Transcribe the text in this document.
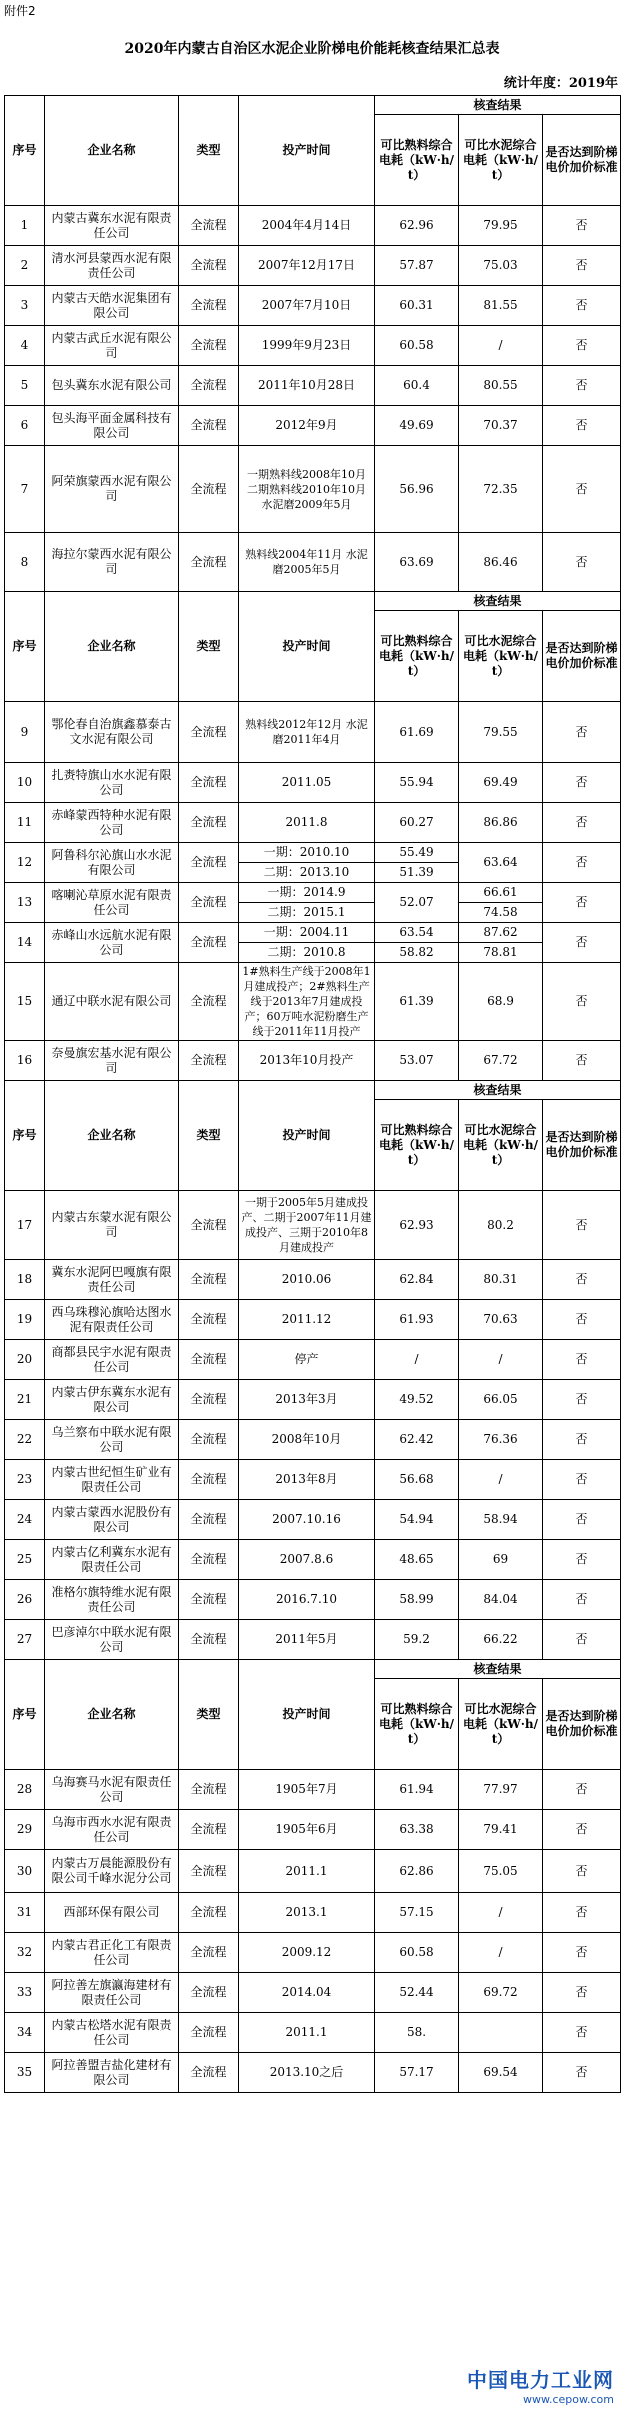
附件2
2020年内蒙古自治区水泥企业阶梯电价能耗核查结果汇总表
统计年度：2019年
序号	企业名称	类型	投产时间	核查结果		
				可比熟料综合电耗（kW·h/t）	可比水泥综合电耗（kW·h/t）	是否达到阶梯电价加价标准
1	内蒙古冀东水泥有限责任公司	全流程	2004年4月14日	62.96	79.95	否
2	清水河县蒙西水泥有限责任公司	全流程	2007年12月17日	57.87	75.03	否
3	内蒙古天皓水泥集团有限公司	全流程	2007年7月10日	60.31	81.55	否
4	内蒙古武丘水泥有限公司	全流程	1999年9月23日	60.58	/	否
5	包头冀东水泥有限公司	全流程	2011年10月28日	60.4	80.55	否
6	包头海平面金属科技有限公司	全流程	2012年9月	49.69	70.37	否
7	阿荣旗蒙西水泥有限公司	全流程	一期熟料线2008年10月 二期熟料线2010年10月 水泥磨2009年5月	56.96	72.35	否
8	海拉尔蒙西水泥有限公司	全流程	熟料线2004年11月 水泥磨2005年5月	63.69	86.46	否
序号	企业名称	类型	投产时间	核查结果		
				可比熟料综合电耗（kW·h/t）	可比水泥综合电耗（kW·h/t）	是否达到阶梯电价加价标准
9	鄂伦春自治旗鑫慕泰古文水泥有限公司	全流程	熟料线2012年12月 水泥磨2011年4月	61.69	79.55	否
10	扎赉特旗山水水泥有限公司	全流程	2011.05	55.94	69.49	否
11	赤峰蒙西特种水泥有限公司	全流程	2011.8	60.27	86.86	否
12	阿鲁科尔沁旗山水水泥有限公司	全流程	一期：2010.10	55.49	63.64	否
			二期：2013.10	51.39		
13	喀喇沁草原水泥有限责任公司	全流程	一期：2014.9	52.07	66.61	否
			二期：2015.1		74.58	
14	赤峰山水远航水泥有限公司	全流程	一期：2004.11	63.54	87.62	否
			二期：2010.8	58.82	78.81	
15	通辽中联水泥有限公司	全流程	1#熟料生产线于2008年1月建成投产；2#熟料生产线于2013年7月建成投产；60万吨水泥粉磨生产线于2011年11月投产	61.39	68.9	否
16	奈曼旗宏基水泥有限公司	全流程	2013年10月投产	53.07	67.72	否
序号	企业名称	类型	投产时间	核查结果		
				可比熟料综合电耗（kW·h/t）	可比水泥综合电耗（kW·h/t）	是否达到阶梯电价加价标准
17	内蒙古东蒙水泥有限公司	全流程	一期于2005年5月建成投产、二期于2007年11月建成投产、三期于2010年8月建成投产	62.93	80.2	否
18	冀东水泥阿巴嘎旗有限责任公司	全流程	2010.06	62.84	80.31	否
19	西乌珠穆沁旗哈达图水泥有限责任公司	全流程	2011.12	61.93	70.63	否
20	商都县民宇水泥有限责任公司	全流程	停产	/	/	否
21	内蒙古伊东冀东水泥有限公司	全流程	2013年3月	49.52	66.05	否
22	乌兰察布中联水泥有限公司	全流程	2008年10月	62.42	76.36	否
23	内蒙古世纪恒生矿业有限责任公司	全流程	2013年8月	56.68	/	否
24	内蒙古蒙西水泥股份有限公司	全流程	2007.10.16	54.94	58.94	否
25	内蒙古亿利冀东水泥有限责任公司	全流程	2007.8.6	48.65	69	否
26	准格尔旗特维水泥有限责任公司	全流程	2016.7.10	58.99	84.04	否
27	巴彦淖尔中联水泥有限公司	全流程	2011年5月	59.2	66.22	否
序号	企业名称	类型	投产时间	核查结果		
				可比熟料综合电耗（kW·h/t）	可比水泥综合电耗（kW·h/t）	是否达到阶梯电价加价标准
28	乌海赛马水泥有限责任公司	全流程	1905年7月	61.94	77.97	否
29	乌海市西水水泥有限责任公司	全流程	1905年6月	63.38	79.41	否
30	内蒙古万晨能源股份有限公司千峰水泥分公司	全流程	2011.1	62.86	75.05	否
31	西部环保有限公司	全流程	2013.1	57.15	/	否
32	内蒙古君正化工有限责任公司	全流程	2009.12	60.58	/	否
33	阿拉善左旗瀛海建材有限责任公司	全流程	2014.04	52.44	69.72	否
34	内蒙古松塔水泥有限责任公司	全流程	2011.1	58.		否
35	阿拉善盟吉盐化建材有限公司	全流程	2013.10之后	57.17	69.54	否
中国电力工业网
www.cepow.com
